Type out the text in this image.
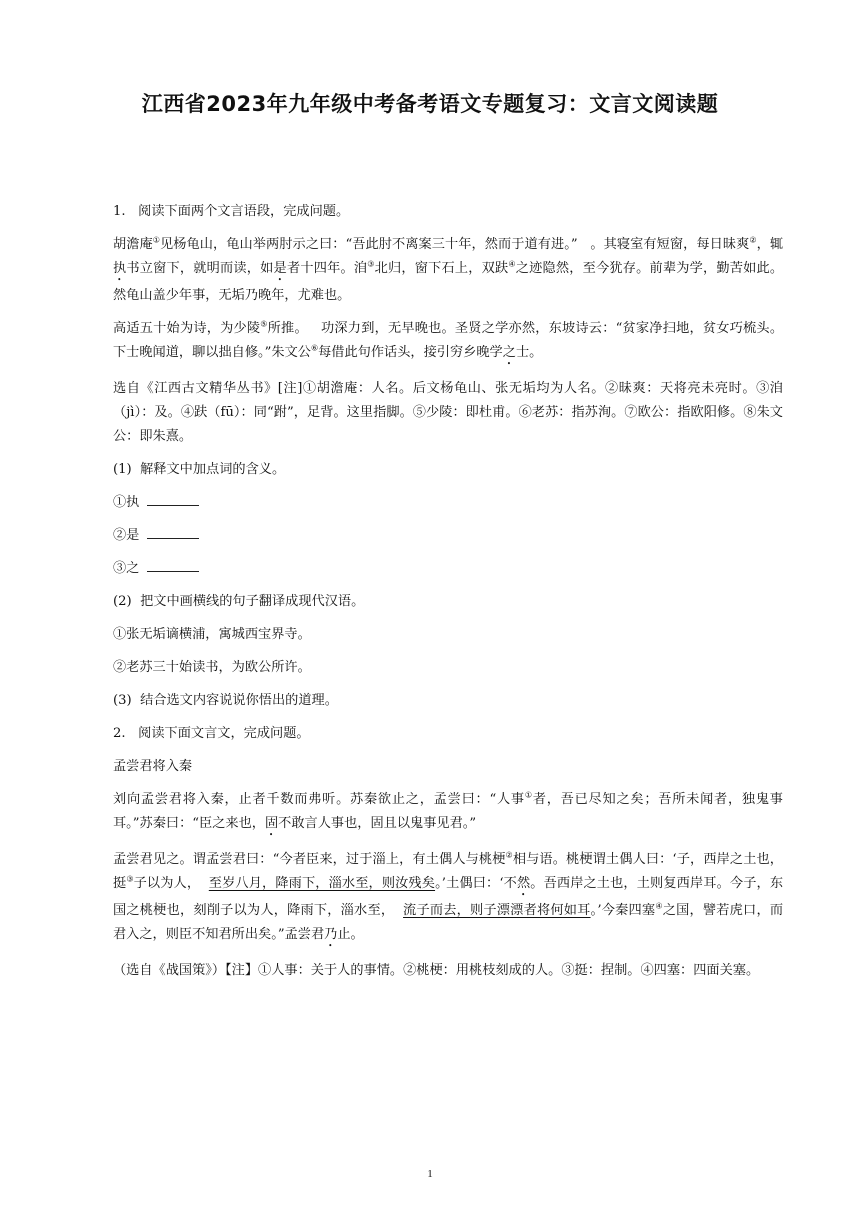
江西省2023年九年级中考备考语文专题复习：文言文阅读题

1.   阅读下面两个文言语段，完成问题。

胡澹庵①见杨龟山，龟山举两肘示之曰：“吾此肘不离案三十年，然而于道有进。”   。其寝室有短窗，每日昧爽②，辄执书立窗下，就明而读，如是者十四年。洎③北归，窗下石上，双趺④之迹隐然，至今犹存。前辈为学，勤苦如此。然龟山盖少年事，无垢乃晚年，尤难也。

高适五十始为诗，为少陵⑤所推。   功深力到，无早晚也。圣贤之学亦然，东坡诗云：“贫家净扫地，贫女巧梳头。下士晚闻道，聊以拙自修。”朱文公⑥每借此句作话头，接引穷乡晚学之士。

选自《江西古文精华丛书》[注]①胡澹庵：人名。后文杨龟山、张无垢均为人名。②昧爽：天将亮未亮时。③洎（jì）：及。④趺（fū）：同“跗”，足背。这里指脚。⑤少陵：即杜甫。⑥老苏：指苏洵。⑦欧公：指欧阳修。⑧朱文公：即朱熹。

(1)  解释文中加点词的含义。

①执

②是

③之

(2)  把文中画横线的句子翻译成现代汉语。

①张无垢谪横浦，寓城西宝界寺。

②老苏三十始读书，为欧公所许。

(3)  结合选文内容说说你悟出的道理。

2.   阅读下面文言文，完成问题。

孟尝君将入秦

刘向孟尝君将入秦，止者千数而弗听。苏秦欲止之，孟尝曰：“人事①者，吾已尽知之矣；吾所未闻者，独鬼事耳。”苏秦曰：“臣之来也，固不敢言人事也，固且以鬼事见君。”

孟尝君见之。谓孟尝君曰：“今者臣来，过于淄上，有土偶人与桃梗②相与语。桃梗谓土偶人曰：‘子，西岸之土也，挺③子以为人，  至岁八月，降雨下，淄水至，则汝残矣。’土偶曰：‘不然。吾西岸之土也，土则复西岸耳。今子，东国之桃梗也，刻削子以为人，降雨下，淄水至，  流子而去，则子漂漂者将何如耳。’今秦四塞④之国，譬若虎口，而君入之，则臣不知君所出矣。”孟尝君乃止。

（选自《战国策》）【注】①人事：关于人的事情。②桃梗：用桃枝刻成的人。③挺：捏制。④四塞：四面关塞。

1
